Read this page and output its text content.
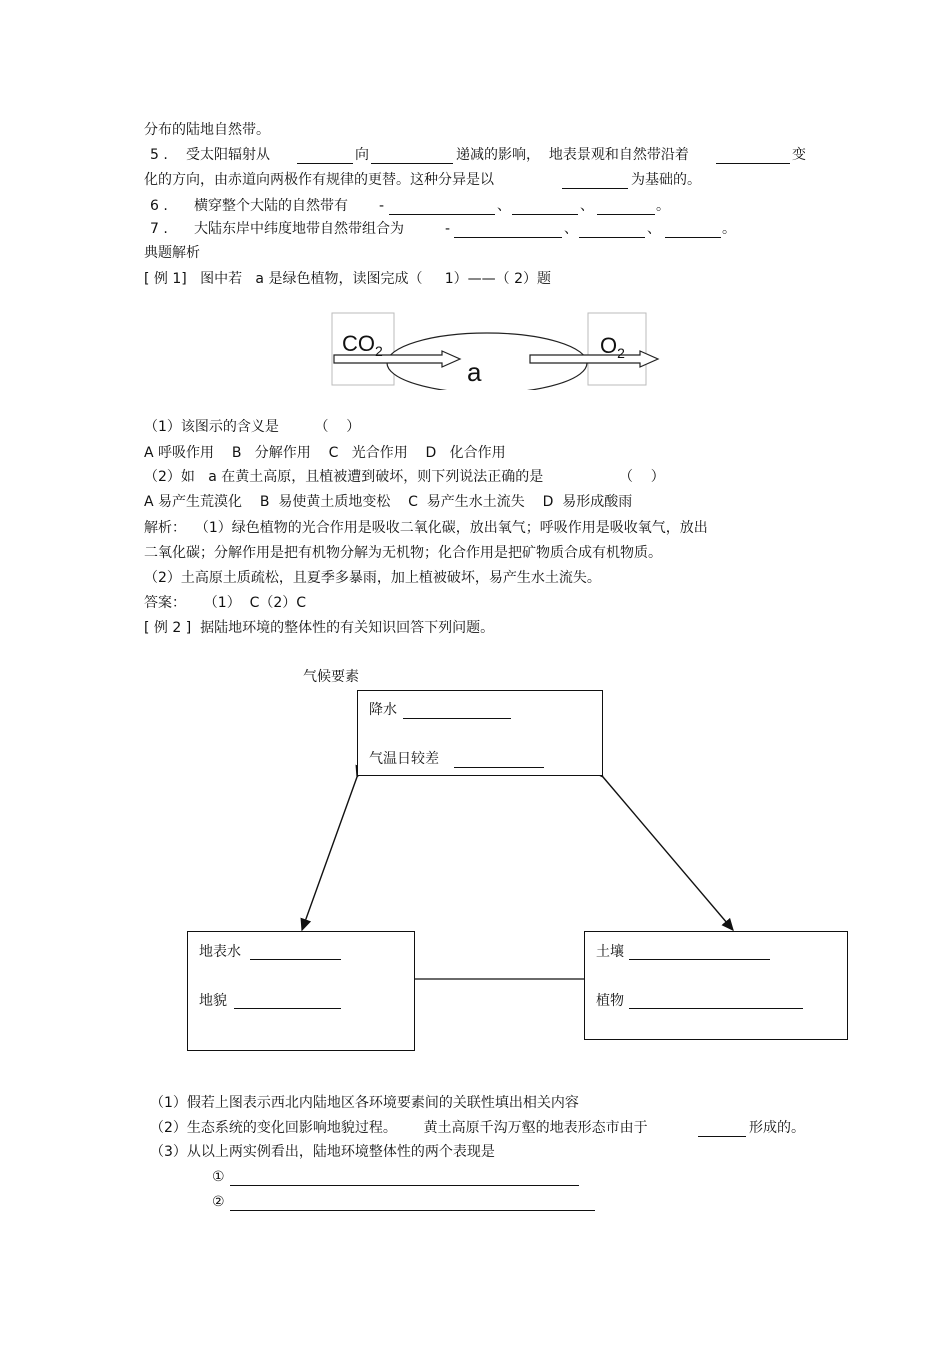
分布的陆地自然带。
5 . 受太阳辐射从	向	递减的影响，  地表景观和自然带沿着	变
化的方向，由赤道向两极作有规律的更替。这种分异是以	为基础的。
6 . 横穿整个大陆的自然带有 -	、	、	。
7 . 大陆东岸中纬度地带自然带组合为	-	、	、	。
典题解析
[ 例 1]   图中若   a 是绿色植物，读图完成（     1）——（ 2）题
$CO_2$	$O_2$
a
（1）该图示的含义是        （    ）
A 呼吸作用    B   分解作用    C   光合作用    D   化合作用
（2）如   a 在黄土高原，且植被遭到破坏，则下列说法正确的是                 （    ）
A 易产生荒漠化    B  易使黄土质地变松    C  易产生水土流失    D  易形成酸雨
解析：  （1）绿色植物的光合作用是吸收二氧化碳，放出氧气；呼吸作用是吸收氧气，放出
二氧化碳；分解作用是把有机物分解为无机物；化合作用是把矿物质合成有机物质。
（2）土高原土质疏松，且夏季多暴雨，加上植被破坏，易产生水土流失。
答案：    （1）  C（2）C
[ 例 2 ]  据陆地环境的整体性的有关知识回答下列问题。
气候要素
降水
气温日较差
地表水
地貌
土壤
植物
（1）假若上图表示西北内陆地区各环境要素间的关联性填出相关内容
（2）生态系统的变化回影响地貌过程。      黄土高原千沟万壑的地表形态市由于	形成的。
（3）从以上两实例看出，陆地环境整体性的两个表现是
①
②
